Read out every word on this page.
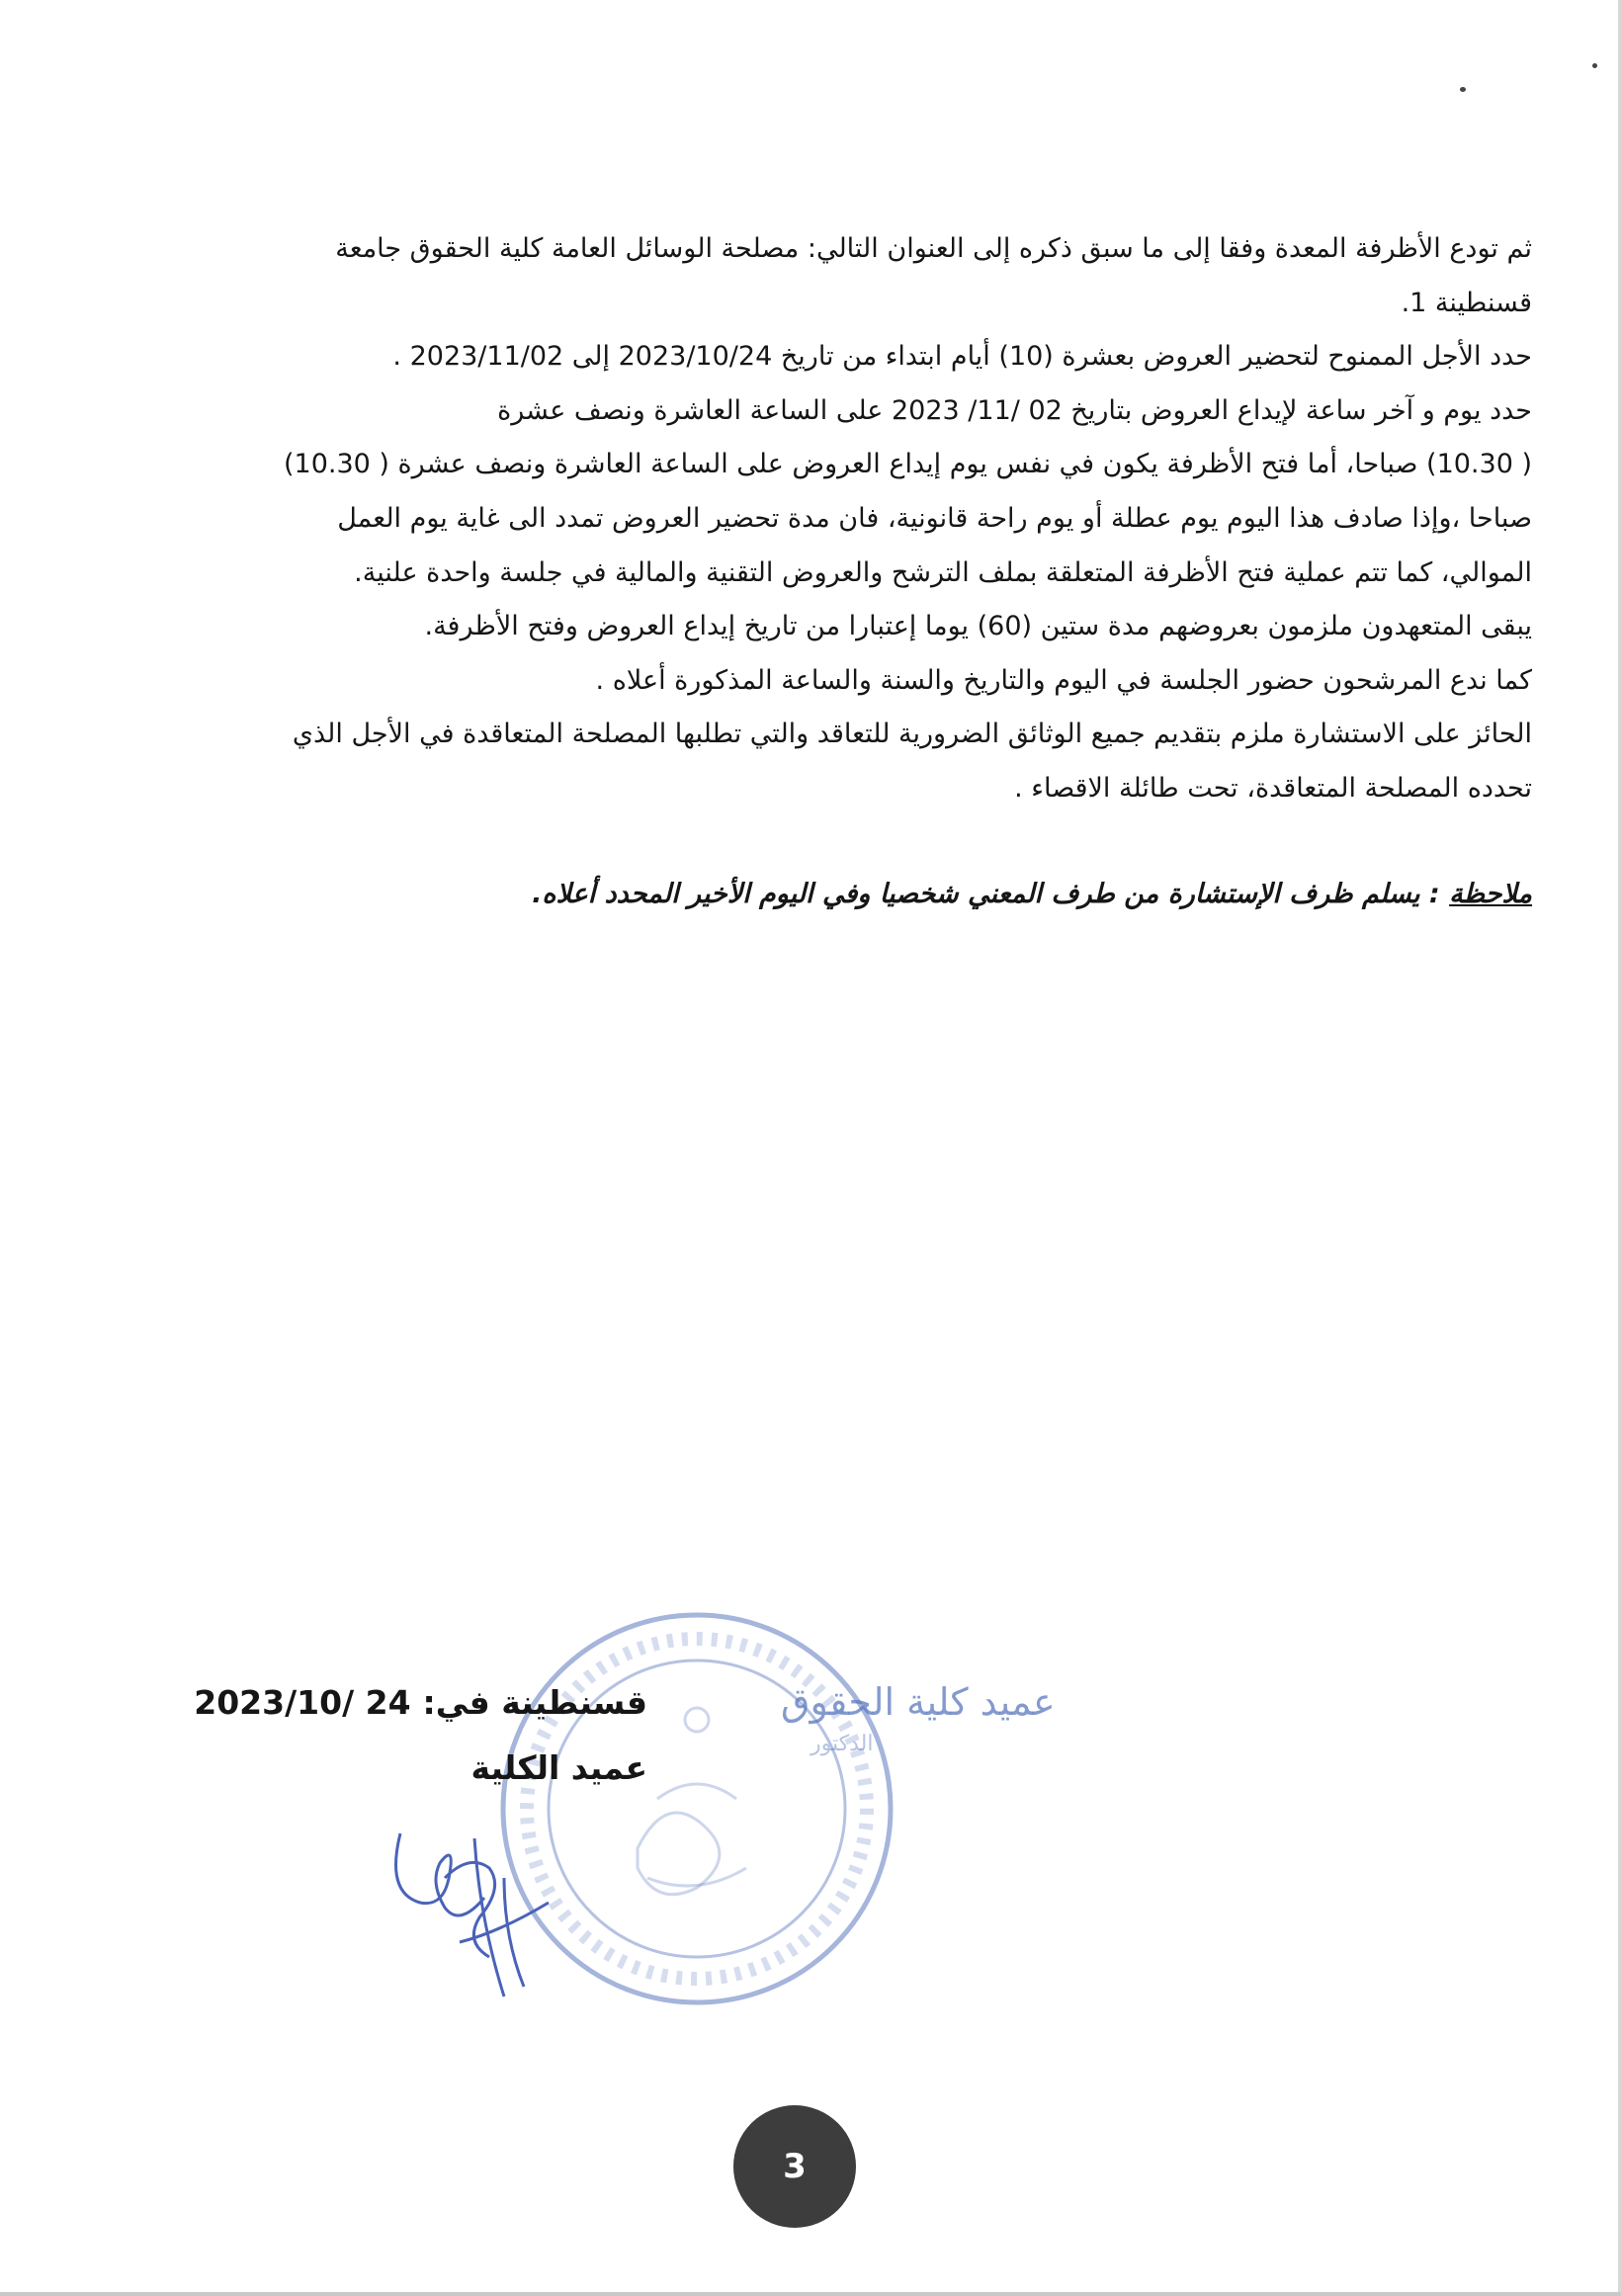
ثم تودع الأظرفة المعدة وفقا إلى ما سبق ذكره إلى العنوان التالي: مصلحة الوسائل العامة كلية الحقوق جامعة

قسنطينة 1.

حدد الأجل الممنوح لتحضير العروض بعشرة (10) أيام ابتداء من تاريخ 2023/10/24 إلى 2023/11/02 .

حدد يوم و آخر ساعة لإيداع العروض بتاريخ 02 /11/ 2023 على الساعة العاشرة ونصف عشرة

( 10.30) صباحا، أما فتح الأظرفة يكون في نفس يوم إيداع العروض على الساعة العاشرة ونصف عشرة ( 10.30)

صباحا ،وإذا صادف هذا اليوم يوم عطلة أو يوم راحة قانونية، فان مدة تحضير العروض تمدد الى غاية يوم العمل

الموالي، كما تتم عملية فتح الأظرفة المتعلقة بملف الترشح والعروض التقنية والمالية في جلسة واحدة علنية.

يبقى المتعهدون ملزمون بعروضهم مدة ستين (60) يوما إعتبارا من تاريخ إيداع العروض وفتح الأظرفة.

كما ندع المرشحون حضور الجلسة في اليوم والتاريخ والسنة والساعة المذكورة أعلاه .

الحائز على الاستشارة ملزم بتقديم جميع الوثائق الضرورية للتعاقد والتي تطلبها المصلحة المتعاقدة في الأجل الذي

تحدده المصلحة المتعاقدة، تحت طائلة الاقصاء .

ملاحظة : يسلم ظرف الإستشارة من طرف المعني شخصيا وفي اليوم الأخير المحدد أعلاه.

عميد كلية الحقوق
الدكتور
قسنطينة في:2023/10/ 24
عميد الكلية
3
